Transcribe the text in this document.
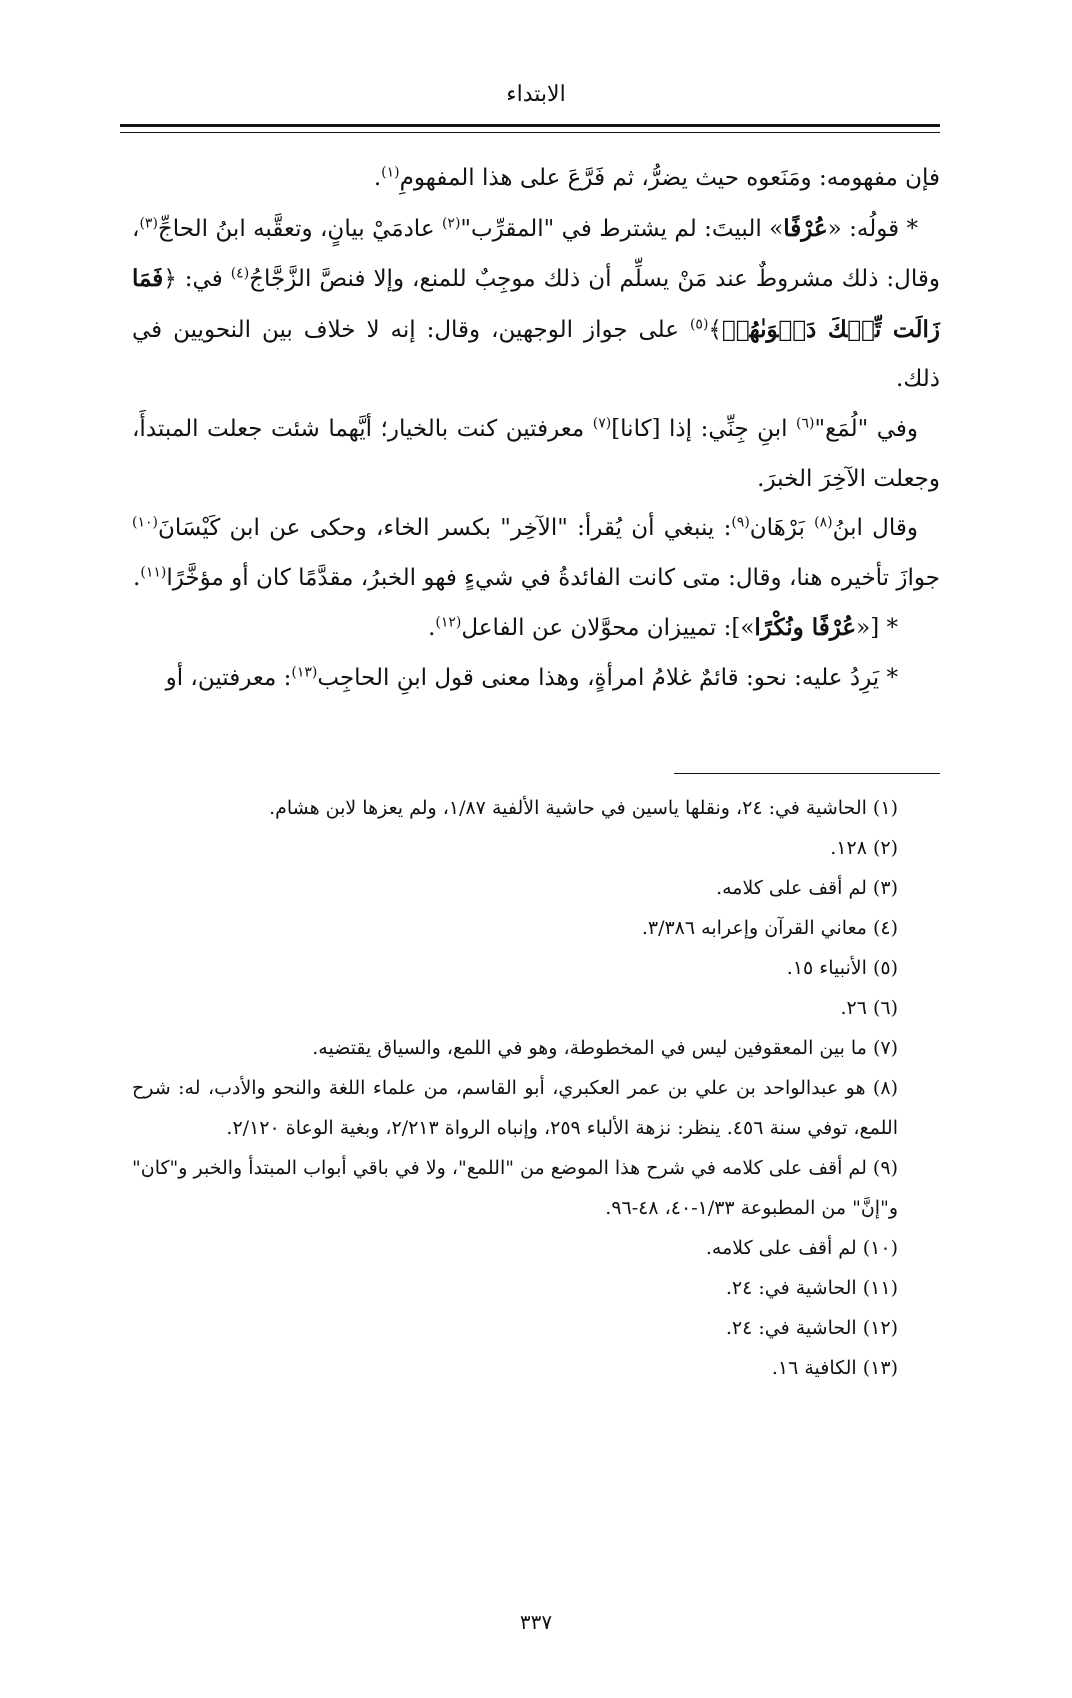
الابتداء

فإن مفهومه: ومَنَعوه حيث يضرُّ، ثم فَرَّعَ على هذا المفهومِ$^{(١)}$.

* قولُه: «عُرْفًا» البيتَ: لم يشترط في "المقرِّب"$^{(٢)}$ عادمَيْ بيانٍ، وتعقَّبه ابنُ الحاجِّ$^{(٣)}$، وقال: ذلك مشروطٌ عند مَنْ يسلِّم أن ذلك موجِبٌ للمنع، وإلا فنصَّ الزَّجَّاجُ$^{(٤)}$ في: ﴿فَمَا زَالَت تِّلۡكَ دَعۡوَىٰهُمۡ﴾$^{(٥)}$ على جواز الوجهين، وقال: إنه لا خلاف بين النحويين في ذلك.

وفي "لُمَع"$^{(٦)}$ ابنِ جِنِّي: إذا [كانا]$^{(٧)}$ معرفتين كنت بالخيار؛ أيَّهما شئت جعلت المبتدأَ، وجعلت الآخِرَ الخبرَ.

وقال ابنُ$^{(٨)}$ بَرْهَان$^{(٩)}$: ينبغي أن يُقرأ: "الآخِر" بكسر الخاء، وحكى عن ابن كَيْسَانَ$^{(١٠)}$ جوازَ تأخيره هنا، وقال: متى كانت الفائدةُ في شيءٍ فهو الخبرُ، مقدَّمًا كان أو مؤخَّرًا$^{(١١)}$.

* [«عُرْفًا ونُكْرًا»]: تمييزان محوَّلان عن الفاعل$^{(١٢)}$.

* يَرِدُ عليه: نحو: قائمٌ غلامُ امرأةٍ، وهذا معنى قول ابنِ الحاجِب$^{(١٣)}$: معرفتين، أو

(١) الحاشية في: ٢٤، ونقلها ياسين في حاشية الألفية ١/٨٧، ولم يعزها لابن هشام.

(٢) ١٢٨.

(٣) لم أقف على كلامه.

(٤) معاني القرآن وإعرابه ٣/٣٨٦.

(٥) الأنبياء ١٥.

(٦) ٢٦.

(٧) ما بين المعقوفين ليس في المخطوطة، وهو في اللمع، والسياق يقتضيه.

(٨) هو عبدالواحد بن علي بن عمر العكبري، أبو القاسم، من علماء اللغة والنحو والأدب، له: شرح اللمع، توفي سنة ٤٥٦. ينظر: نزهة الألباء ٢٥٩، وإنباه الرواة ٢/٢١٣، وبغية الوعاة ٢/١٢٠.

(٩) لم أقف على كلامه في شرح هذا الموضع من "اللمع"، ولا في باقي أبواب المبتدأ والخبر و"كان" و"إنَّ" من المطبوعة ١/٣٣-٤٠، ٤٨-٩٦.

(١٠) لم أقف على كلامه.

(١١) الحاشية في: ٢٤.

(١٢) الحاشية في: ٢٤.

(١٣) الكافية ١٦.

٣٣٧
